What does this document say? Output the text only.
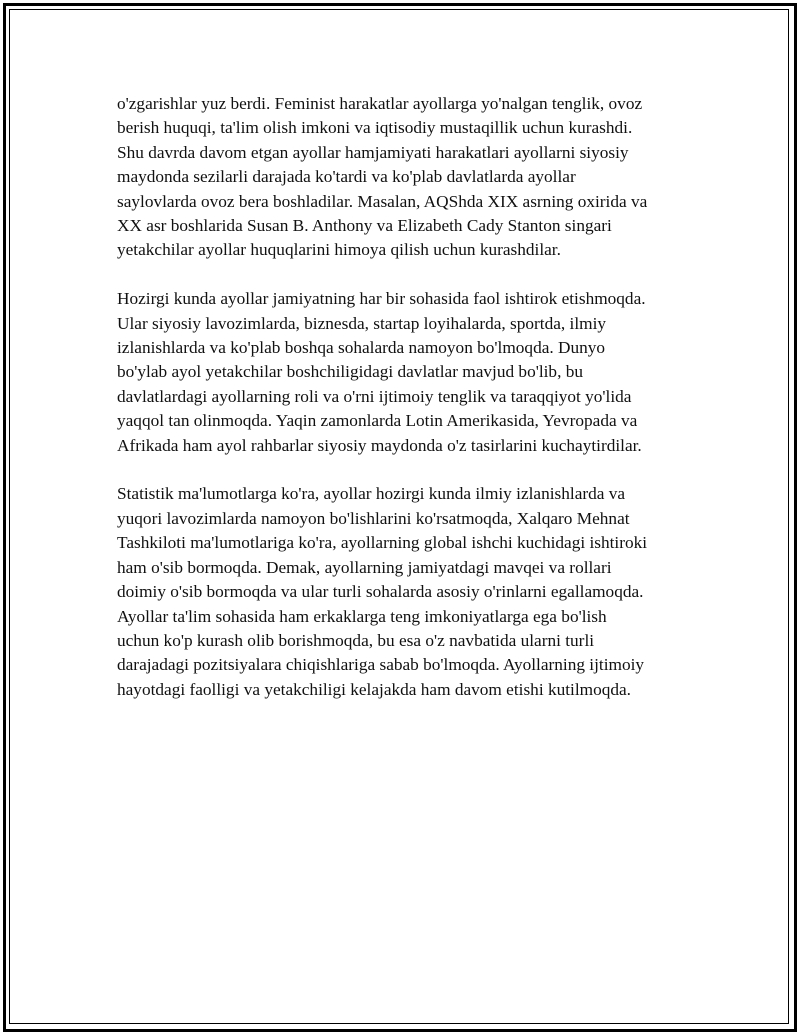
o'zgarishlar yuz berdi. Feminist harakatlar ayollarga yo'nalgan tenglik, ovoz
berish huquqi, ta'lim olish imkoni va iqtisodiy mustaqillik uchun kurashdi.
Shu davrda davom etgan ayollar hamjamiyati harakatlari ayollarni siyosiy
maydonda sezilarli darajada ko'tardi va ko'plab davlatlarda ayollar
saylovlarda ovoz bera boshladilar. Masalan, AQShda XIX asrning oxirida va
XX asr boshlarida Susan B. Anthony va Elizabeth Cady Stanton singari
yetakchilar ayollar huquqlarini himoya qilish uchun kurashdilar.

Hozirgi kunda ayollar jamiyatning har bir sohasida faol ishtirok etishmoqda.
Ular siyosiy lavozimlarda, biznesda, startap loyihalarda, sportda, ilmiy
izlanishlarda va ko'plab boshqa sohalarda namoyon bo'lmoqda. Dunyo
bo'ylab ayol yetakchilar boshchiligidagi davlatlar mavjud bo'lib, bu
davlatlardagi ayollarning roli va o'rni ijtimoiy tenglik va taraqqiyot yo'lida
yaqqol tan olinmoqda. Yaqin zamonlarda Lotin Amerikasida, Yevropada va
Afrikada ham ayol rahbarlar siyosiy maydonda o'z tasirlarini kuchaytirdilar.

Statistik ma'lumotlarga ko'ra, ayollar hozirgi kunda ilmiy izlanishlarda va
yuqori lavozimlarda namoyon bo'lishlarini ko'rsatmoqda, Xalqaro Mehnat
Tashkiloti ma'lumotlariga ko'ra, ayollarning global ishchi kuchidagi ishtiroki
ham o'sib bormoqda. Demak, ayollarning jamiyatdagi mavqei va rollari
doimiy o'sib bormoqda va ular turli sohalarda asosiy o'rinlarni egallamoqda.
Ayollar ta'lim sohasida ham erkaklarga teng imkoniyatlarga ega bo'lish
uchun ko'p kurash olib borishmoqda, bu esa o'z navbatida ularni turli
darajadagi pozitsiyalara chiqishlariga sabab bo'lmoqda. Ayollarning ijtimoiy
hayotdagi faolligi va yetakchiligi kelajakda ham davom etishi kutilmoqda.
